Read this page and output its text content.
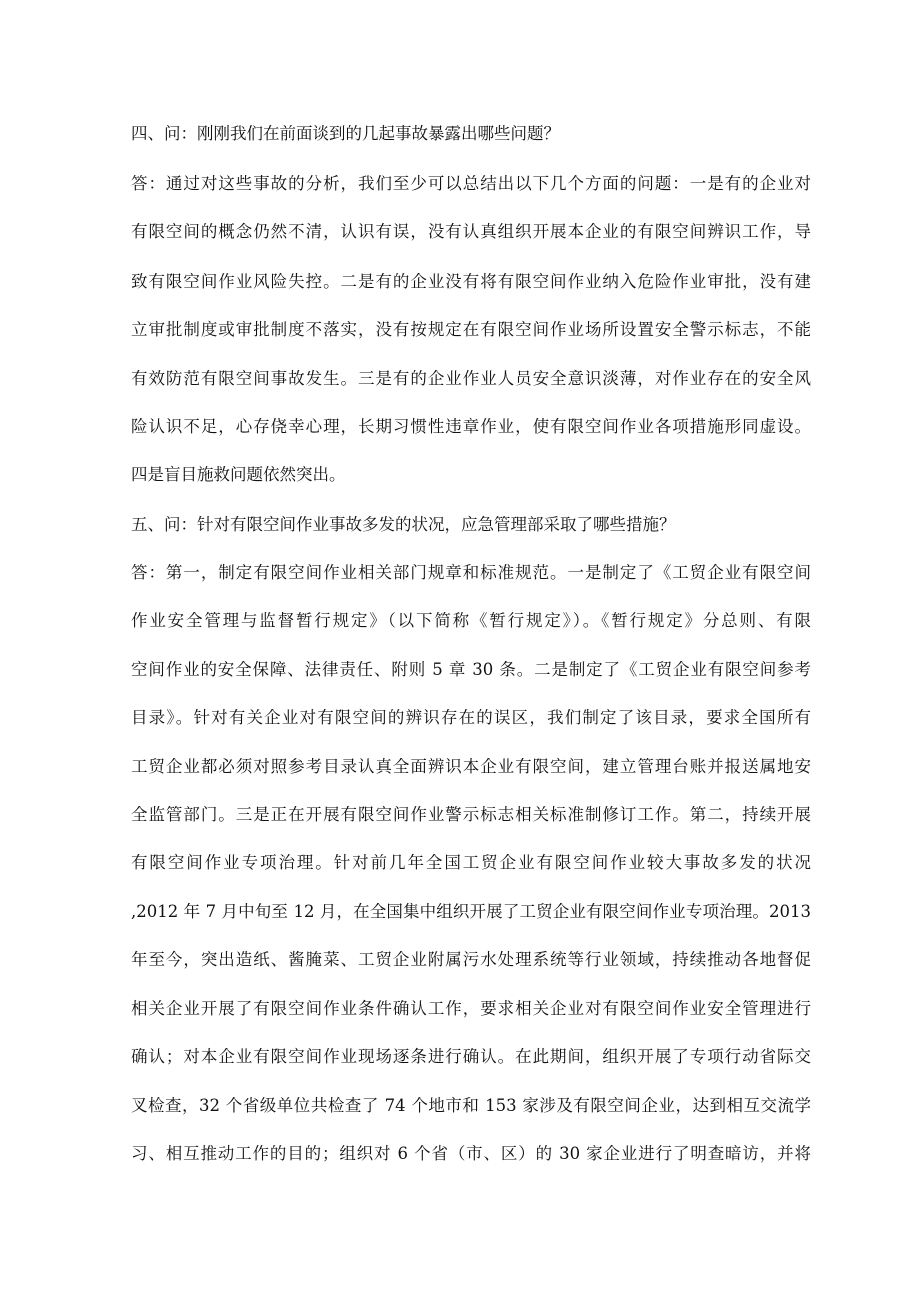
四、问：刚刚我们在前面谈到的几起事故暴露出哪些问题？
答：通过对这些事故的分析，我们至少可以总结出以下几个方面的问题：一是有的企业对
有限空间的概念仍然不清，认识有误，没有认真组织开展本企业的有限空间辨识工作，导
致有限空间作业风险失控。二是有的企业没有将有限空间作业纳入危险作业审批，没有建
立审批制度或审批制度不落实，没有按规定在有限空间作业场所设置安全警示标志，不能
有效防范有限空间事故发生。三是有的企业作业人员安全意识淡薄，对作业存在的安全风
险认识不足，心存侥幸心理，长期习惯性违章作业，使有限空间作业各项措施形同虚设。
四是盲目施救问题依然突出。
五、问：针对有限空间作业事故多发的状况，应急管理部采取了哪些措施？
答：第一，制定有限空间作业相关部门规章和标准规范。一是制定了《工贸企业有限空间
作业安全管理与监督暂行规定》（以下简称《暂行规定》）。《暂行规定》分总则、有限
空间作业的安全保障、法律责任、附则 5 章 30 条。二是制定了《工贸企业有限空间参考
目录》。针对有关企业对有限空间的辨识存在的误区，我们制定了该目录，要求全国所有
工贸企业都必须对照参考目录认真全面辨识本企业有限空间，建立管理台账并报送属地安
全监管部门。三是正在开展有限空间作业警示标志相关标准制修订工作。第二，持续开展
有限空间作业专项治理。针对前几年全国工贸企业有限空间作业较大事故多发的状况
,2012 年 7 月中旬至 12 月，在全国集中组织开展了工贸企业有限空间作业专项治理。2013
年至今，突出造纸、酱腌菜、工贸企业附属污水处理系统等行业领域，持续推动各地督促
相关企业开展了有限空间作业条件确认工作，要求相关企业对有限空间作业安全管理进行
确认；对本企业有限空间作业现场逐条进行确认。在此期间，组织开展了专项行动省际交
叉检查，32 个省级单位共检查了 74 个地市和 153 家涉及有限空间企业，达到相互交流学
习、相互推动工作的目的；组织对 6 个省（市、区）的 30 家企业进行了明查暗访，并将
